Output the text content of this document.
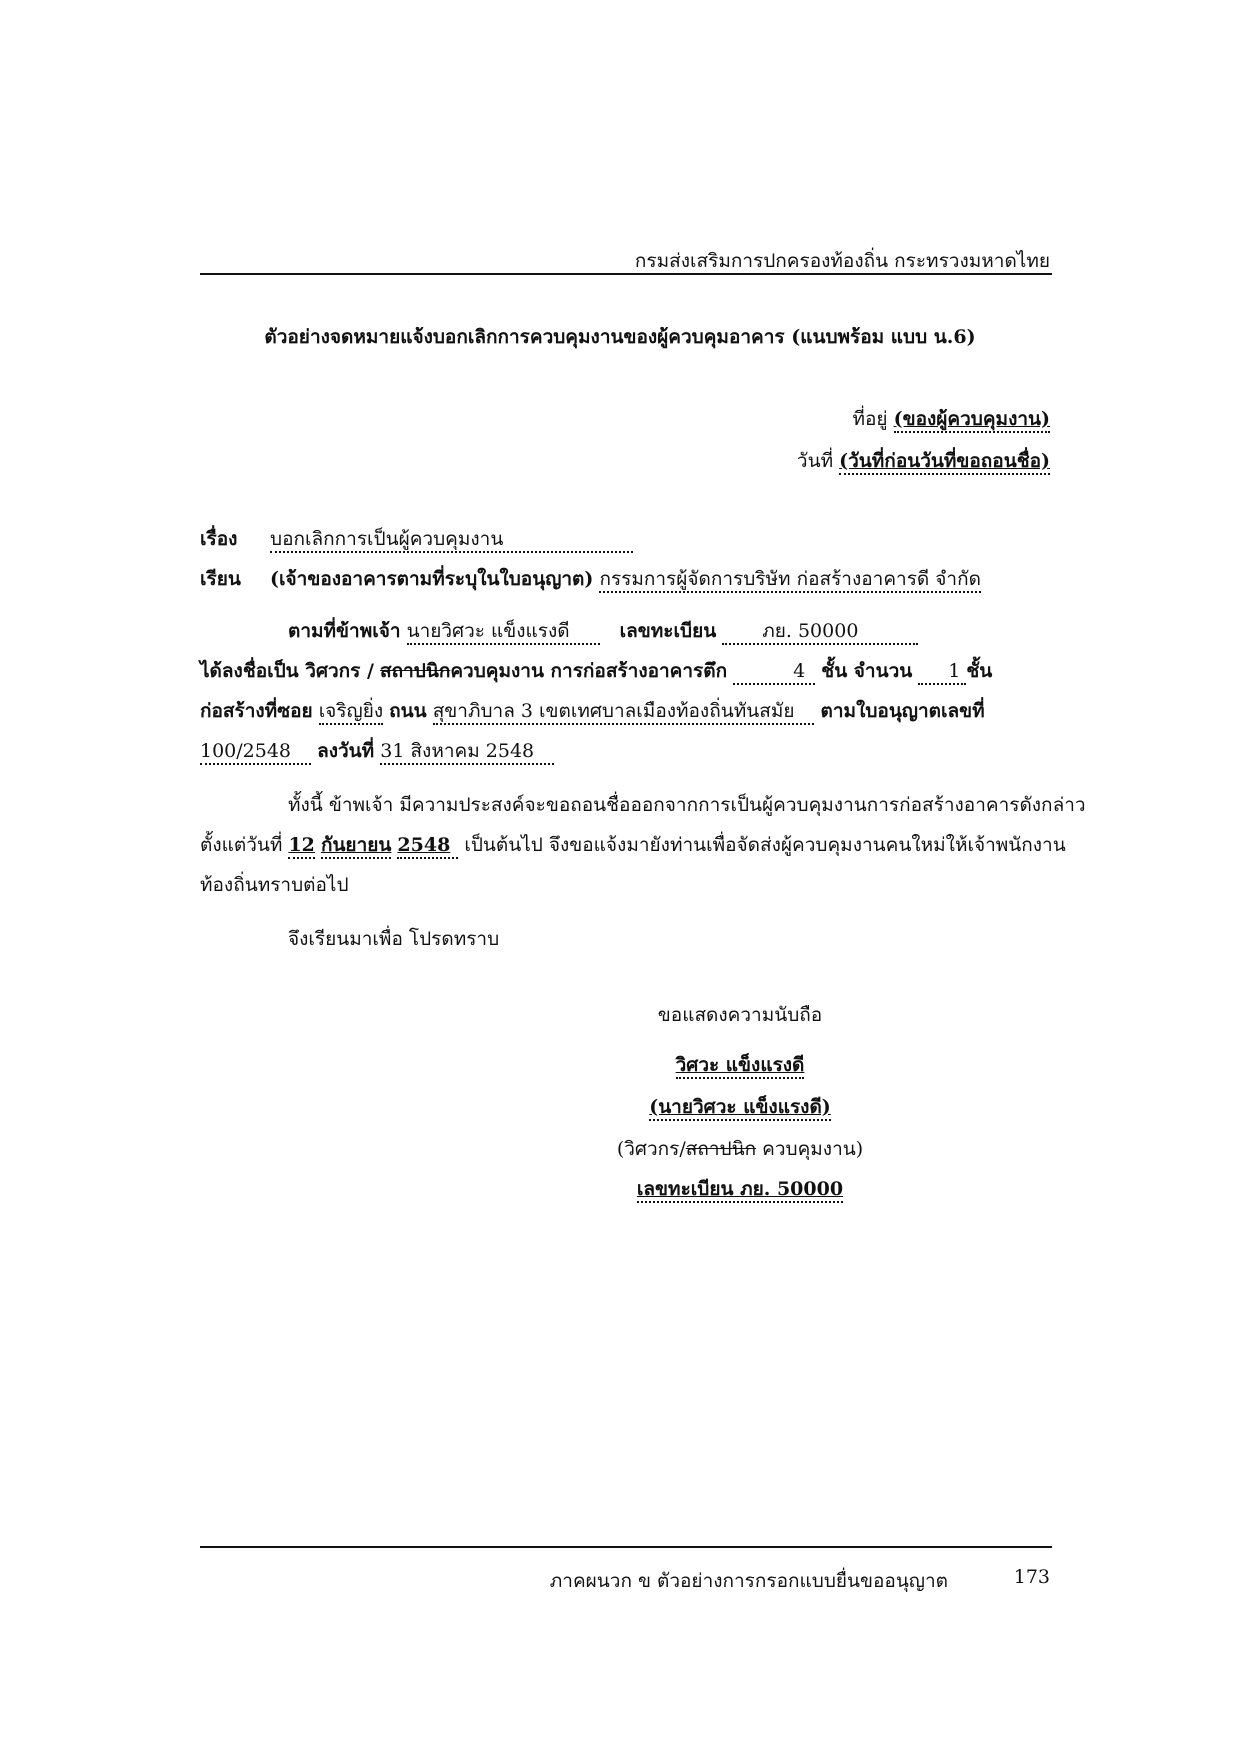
กรมส่งเสริมการปกครองท้องถิ่น กระทรวงมหาดไทย
ตัวอย่างจดหมายแจ้งบอกเลิกการควบคุมงานของผู้ควบคุมอาคาร (แนบพร้อม แบบ น.6)
ที่อยู่ (ของผู้ควบคุมงาน)
วันที่ (วันที่ก่อนวันที่ขอถอนชื่อ)
เรื่อง บอกเลิกการเป็นผู้ควบคุมงาน
เรียน (เจ้าของอาคารตามที่ระบุในใบอนุญาต) กรรมการผู้จัดการบริษัท ก่อสร้างอาคารดี จำกัด
ตามที่ข้าพเจ้า นายวิศวะ แข็งแรงดี	เลขทะเบียน ภย. 50000
ได้ลงชื่อเป็น วิศวกร / สถาปนิกควบคุมงาน การก่อสร้างอาคารตึก	4 ชั้น จำนวน 1 ชั้น
ก่อสร้างที่ซอย เจริญยิ่ง ถนน สุขาภิบาล 3 เขตเทศบาลเมืองท้องถิ่นทันสมัย ตามใบอนุญาตเลขที่
100/2548 ลงวันที่ 31 สิงหาคม 2548
ทั้งนี้ ข้าพเจ้า มีความประสงค์จะขอถอนชื่อออกจากการเป็นผู้ควบคุมงานการก่อสร้างอาคารดังกล่าว
ตั้งแต่วันที่ 12 กันยายน 2548 เป็นต้นไป จึงขอแจ้งมายังท่านเพื่อจัดส่งผู้ควบคุมงานคนใหม่ให้เจ้าพนักงาน
ท้องถิ่นทราบต่อไป
จึงเรียนมาเพื่อ โปรดทราบ
ขอแสดงความนับถือ
วิศวะ แข็งแรงดี
(นายวิศวะ แข็งแรงดี)
(วิศวกร/สถาปนิก ควบคุมงาน)
เลขทะเบียน ภย. 50000
ภาคผนวก ข ตัวอย่างการกรอกแบบยื่นขออนุญาต	173
